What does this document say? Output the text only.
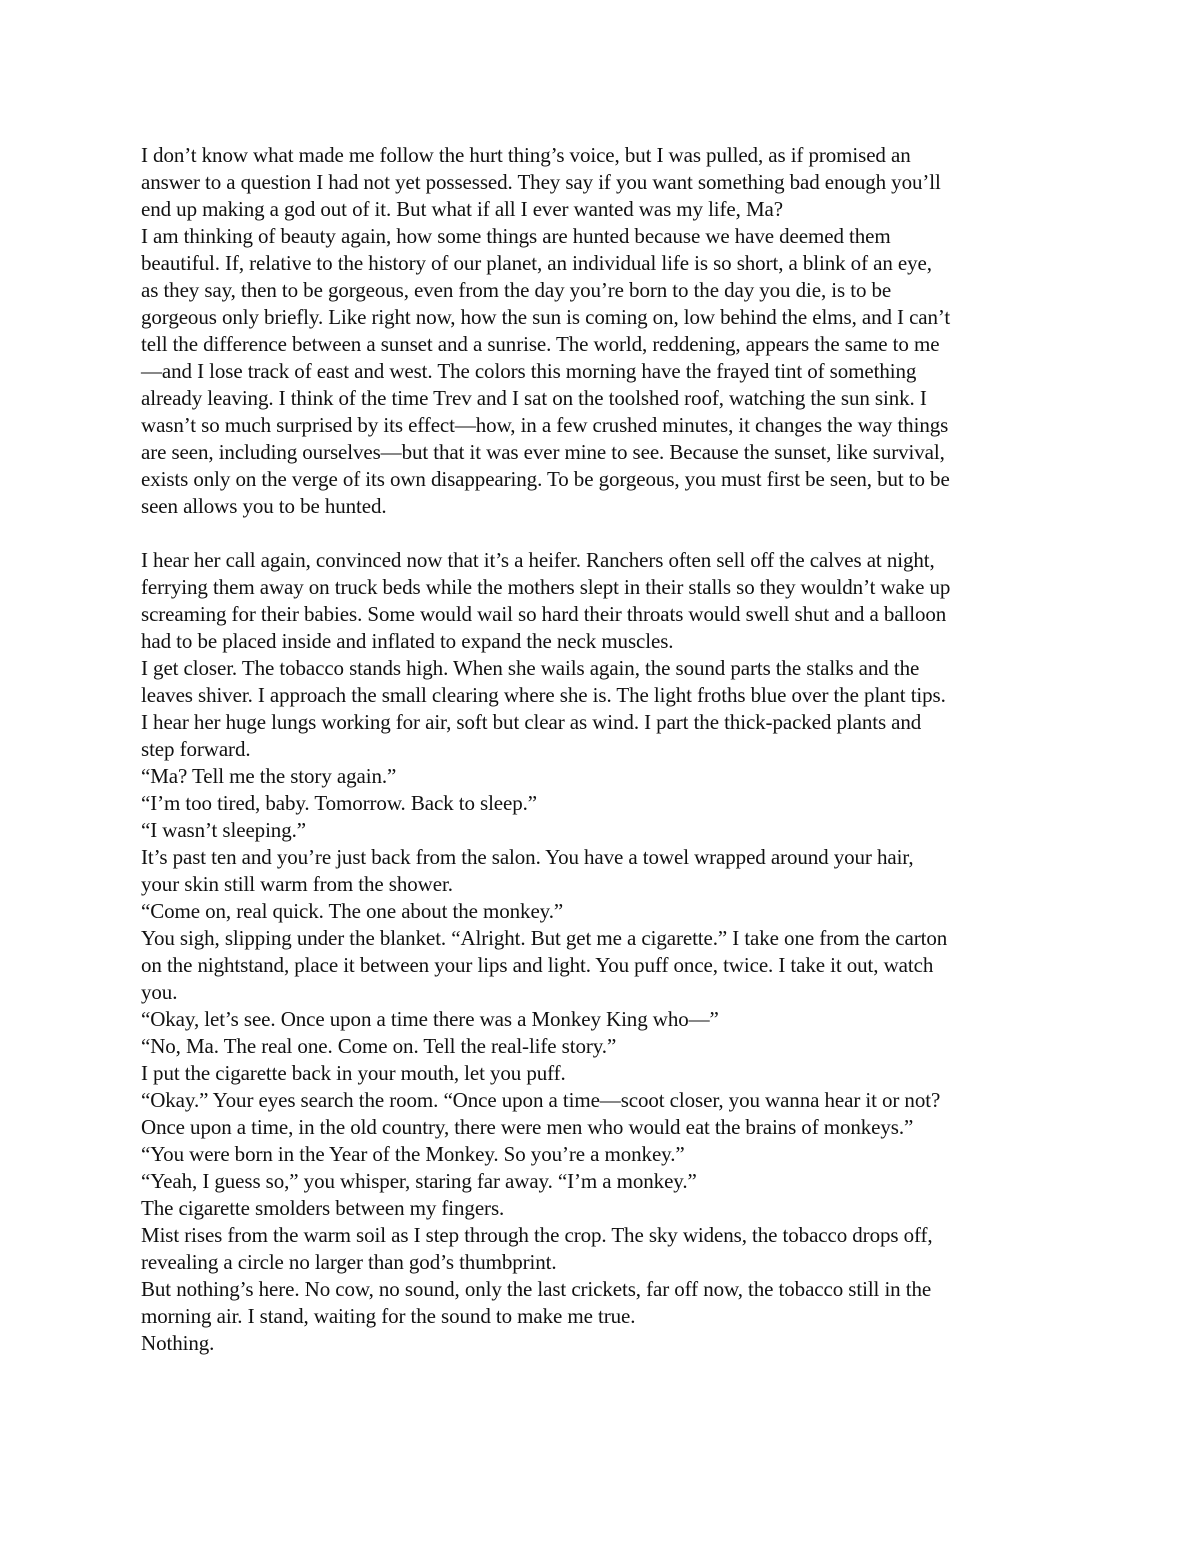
I don’t know what made me follow the hurt thing’s voice, but I was pulled, as if promised an
answer to a question I had not yet possessed. They say if you want something bad enough you’ll
end up making a god out of it. But what if all I ever wanted was my life, Ma?
I am thinking of beauty again, how some things are hunted because we have deemed them
beautiful. If, relative to the history of our planet, an individual life is so short, a blink of an eye,
as they say, then to be gorgeous, even from the day you’re born to the day you die, is to be
gorgeous only briefly. Like right now, how the sun is coming on, low behind the elms, and I can’t
tell the difference between a sunset and a sunrise. The world, reddening, appears the same to me
—and I lose track of east and west. The colors this morning have the frayed tint of something
already leaving. I think of the time Trev and I sat on the toolshed roof, watching the sun sink. I
wasn’t so much surprised by its effect—how, in a few crushed minutes, it changes the way things
are seen, including ourselves—but that it was ever mine to see. Because the sunset, like survival,
exists only on the verge of its own disappearing. To be gorgeous, you must first be seen, but to be
seen allows you to be hunted.
I hear her call again, convinced now that it’s a heifer. Ranchers often sell off the calves at night,
ferrying them away on truck beds while the mothers slept in their stalls so they wouldn’t wake up
screaming for their babies. Some would wail so hard their throats would swell shut and a balloon
had to be placed inside and inflated to expand the neck muscles.
I get closer. The tobacco stands high. When she wails again, the sound parts the stalks and the
leaves shiver. I approach the small clearing where she is. The light froths blue over the plant tips.
I hear her huge lungs working for air, soft but clear as wind. I part the thick-packed plants and
step forward.
“Ma? Tell me the story again.”
“I’m too tired, baby. Tomorrow. Back to sleep.”
“I wasn’t sleeping.”
It’s past ten and you’re just back from the salon. You have a towel wrapped around your hair,
your skin still warm from the shower.
“Come on, real quick. The one about the monkey.”
You sigh, slipping under the blanket. “Alright. But get me a cigarette.” I take one from the carton
on the nightstand, place it between your lips and light. You puff once, twice. I take it out, watch
you.
“Okay, let’s see. Once upon a time there was a Monkey King who—”
“No, Ma. The real one. Come on. Tell the real-life story.”
I put the cigarette back in your mouth, let you puff.
“Okay.” Your eyes search the room. “Once upon a time—scoot closer, you wanna hear it or not?
Once upon a time, in the old country, there were men who would eat the brains of monkeys.”
“You were born in the Year of the Monkey. So you’re a monkey.”
“Yeah, I guess so,” you whisper, staring far away. “I’m a monkey.”
The cigarette smolders between my fingers.
Mist rises from the warm soil as I step through the crop. The sky widens, the tobacco drops off,
revealing a circle no larger than god’s thumbprint.
But nothing’s here. No cow, no sound, only the last crickets, far off now, the tobacco still in the
morning air. I stand, waiting for the sound to make me true.
Nothing.
